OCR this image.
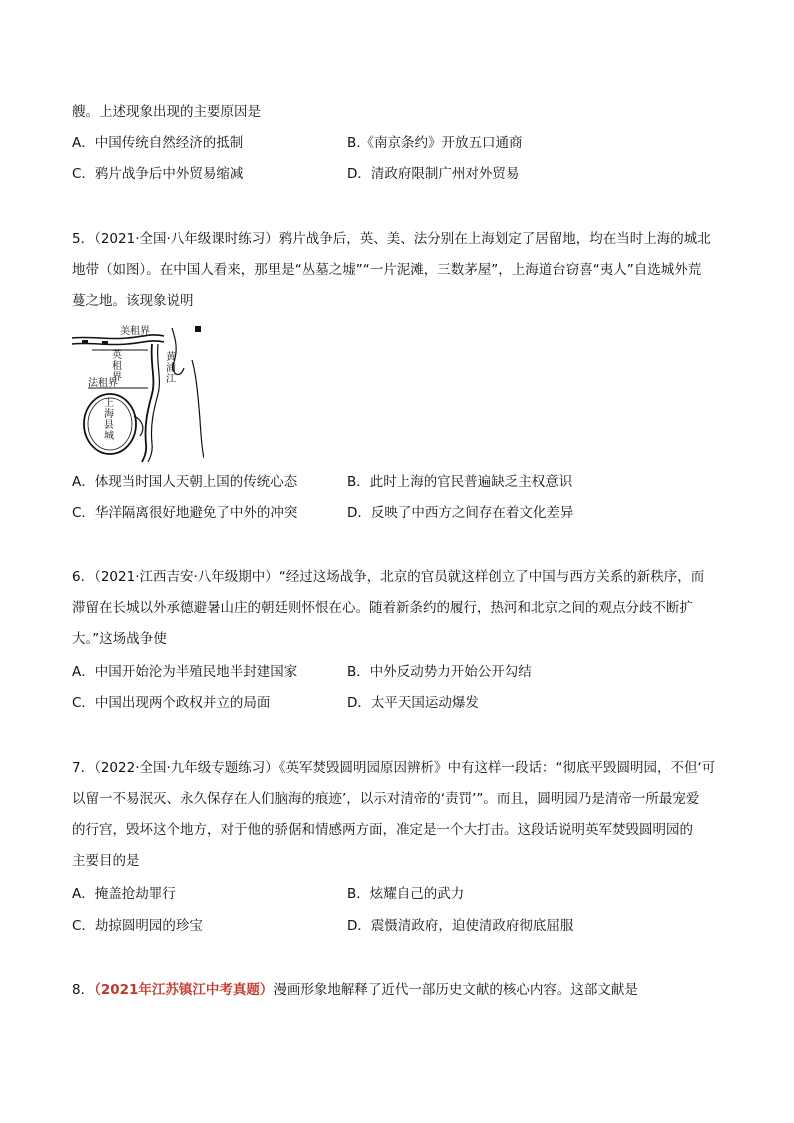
艘。上述现象出现的主要原因是
A．中国传统自然经济的抵制	B.《南京条约》开放五口通商
C．鸦片战争后中外贸易缩减	D．清政府限制广州对外贸易
5．（2021·全国·八年级课时练习）鸦片战争后，英、美、法分别在上海划定了居留地，均在当时上海的城北
地带（如图）。在中国人看来，那里是“丛墓之墟”“一片泥滩，三数茅屋”，上海道台窃喜“夷人”自选城外荒
蔓之地。该现象说明
美租界
黄浦江
英租界
法租界
上海县城
A．体现当时国人天朝上国的传统心态	B．此时上海的官民普遍缺乏主权意识
C．华洋隔离很好地避免了中外的冲突	D．反映了中西方之间存在着文化差异
6．（2021·江西吉安·八年级期中）“经过这场战争，北京的官员就这样创立了中国与西方关系的新秩序，而
滞留在长城以外承德避暑山庄的朝廷则怀恨在心。随着新条约的履行，热河和北京之间的观点分歧不断扩
大。”这场战争使
A．中国开始沦为半殖民地半封建国家	B．中外反动势力开始公开勾结
C．中国出现两个政权并立的局面	D．太平天国运动爆发
7．（2022·全国·九年级专题练习）《英军焚毁圆明园原因辨析》中有这样一段话：“彻底平毁圆明园，不但‘可
以留一不易泯灭、永久保存在人们脑海的痕迹’，以示对清帝的‘责罚’”。而且，圆明园乃是清帝一所最宠爱
的行宫，毁坏这个地方，对于他的骄倨和情感两方面，准定是一个大打击。这段话说明英军焚毁圆明园的
主要目的是
A．掩盖抢劫罪行	B．炫耀自己的武力
C．劫掠圆明园的珍宝	D．震慑清政府，迫使清政府彻底屈服
8．（2021年江苏镇江中考真题）漫画形象地解释了近代一部历史文献的核心内容。这部文献是
